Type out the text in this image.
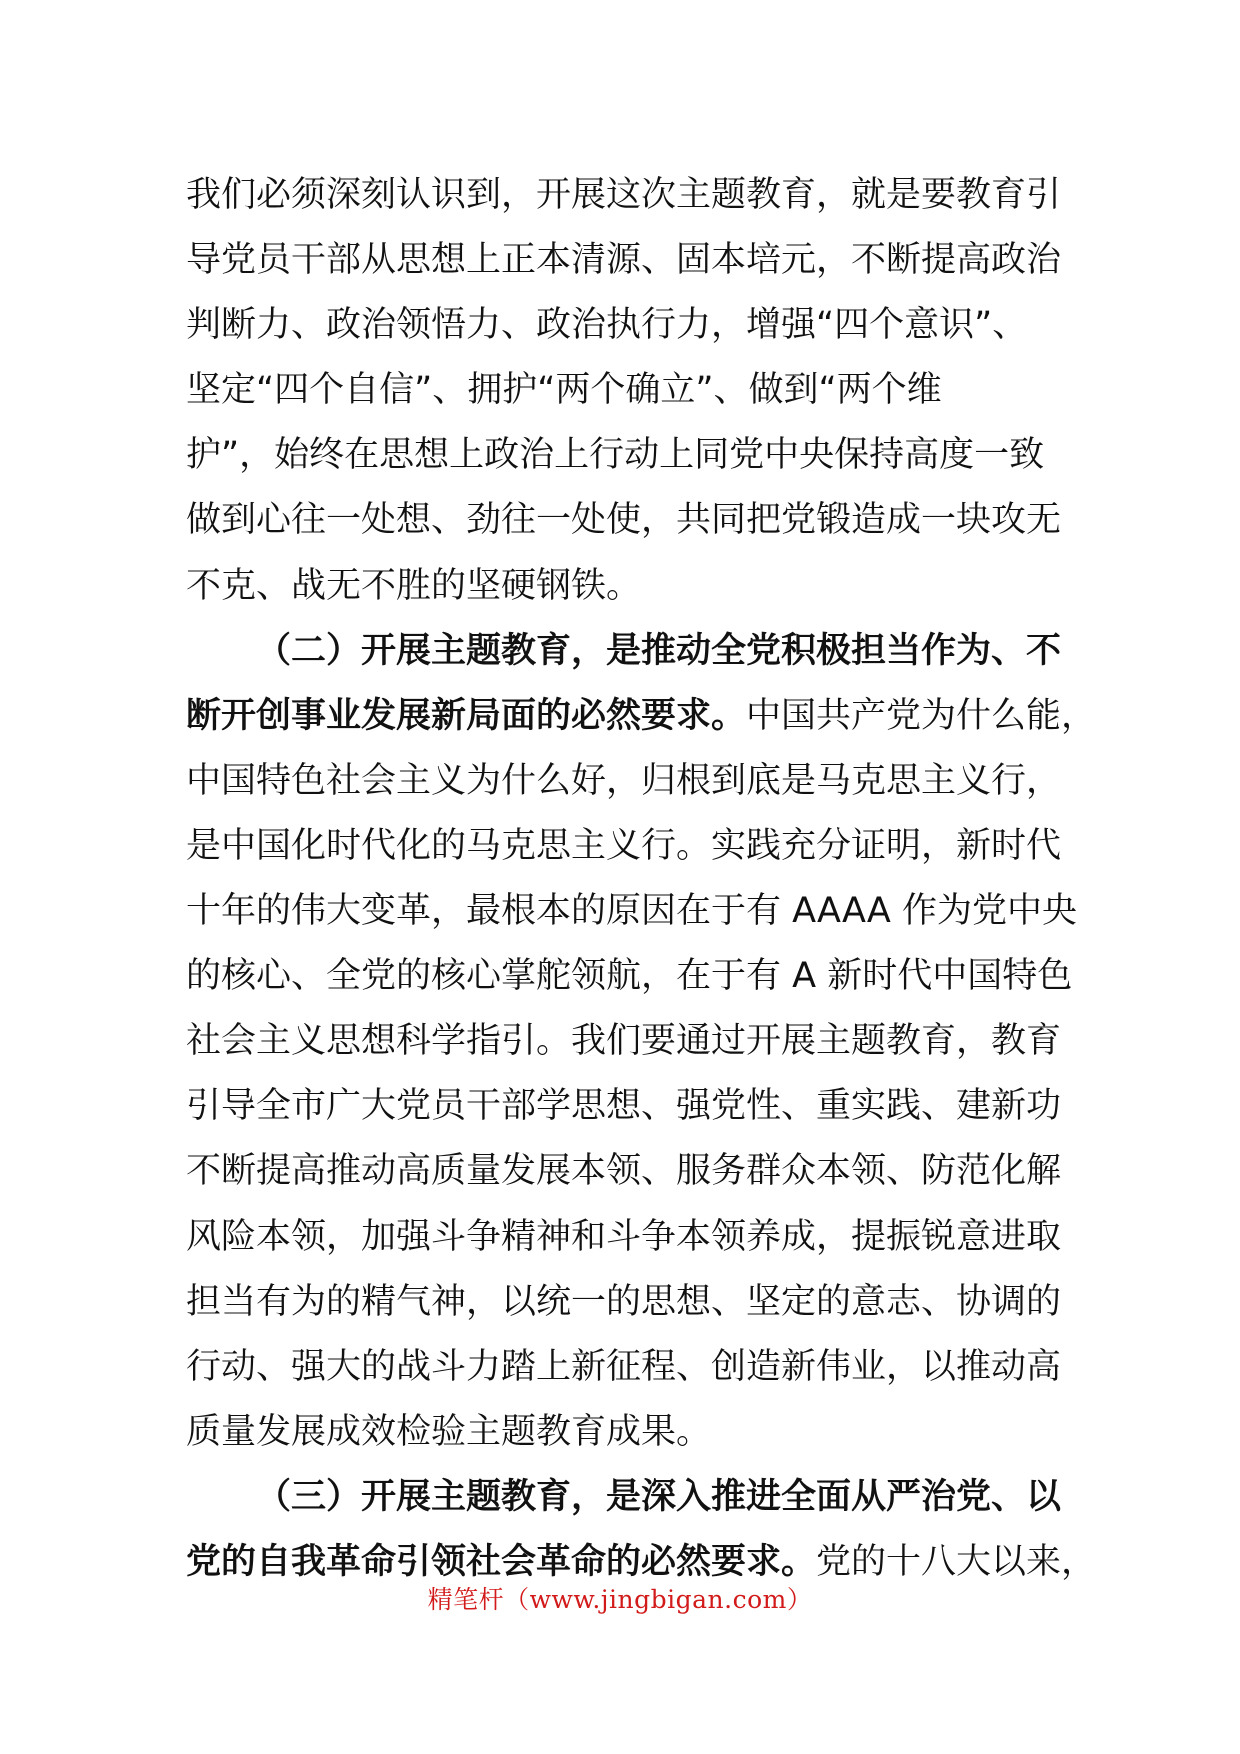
我们必须深刻认识到，开展这次主题教育，就是要教育引
导党员干部从思想上正本清源、固本培元，不断提高政治
判断力、政治领悟力、政治执行力，增强“四个意识”、
坚定“四个自信”、拥护“两个确立”、做到“两个维
护”，始终在思想上政治上行动上同党中央保持高度一致
做到心往一处想、劲往一处使，共同把党锻造成一块攻无
不克、战无不胜的坚硬钢铁。
（二）开展主题教育，是推动全党积极担当作为、不
断开创事业发展新局面的必然要求。中国共产党为什么能，
中国特色社会主义为什么好，归根到底是马克思主义行，
是中国化时代化的马克思主义行。实践充分证明，新时代
十年的伟大变革，最根本的原因在于有 AAAA 作为党中央
的核心、全党的核心掌舵领航，在于有 A 新时代中国特色
社会主义思想科学指引。我们要通过开展主题教育，教育
引导全市广大党员干部学思想、强党性、重实践、建新功
不断提高推动高质量发展本领、服务群众本领、防范化解
风险本领，加强斗争精神和斗争本领养成，提振锐意进取
担当有为的精气神，以统一的思想、坚定的意志、协调的
行动、强大的战斗力踏上新征程、创造新伟业，以推动高
质量发展成效检验主题教育成果。
（三）开展主题教育，是深入推进全面从严治党、以
党的自我革命引领社会革命的必然要求。党的十八大以来，
精笔杆（www.jingbigan.com）
